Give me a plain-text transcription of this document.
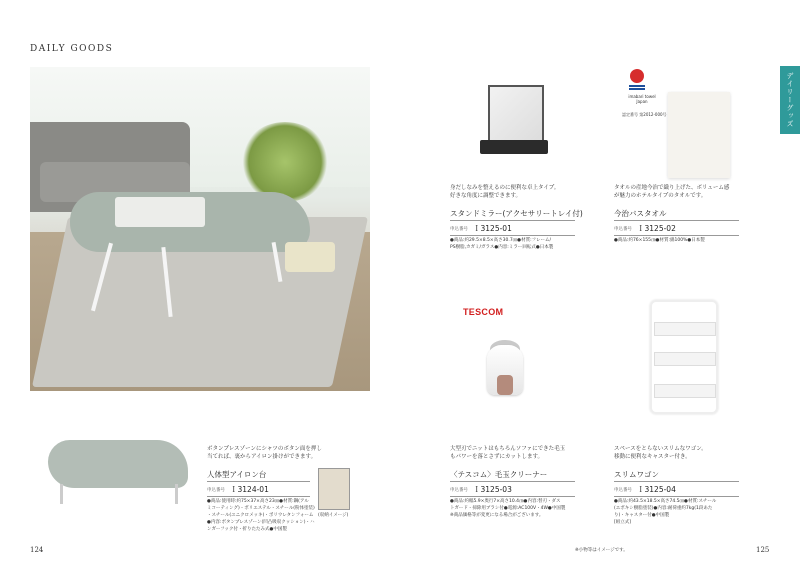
DAILY GOODS
デイリーグッズ
身だしなみを整えるのに便利な卓上タイプ。
好きな角度に調整できます。
スタンドミラー(アクセサリートレイ付)
申込番号 Ｉ3125-01
●商品:約29.5×8.5×高さ30.7㎝●材質:フレーム/
PS樹脂,カガミ/ガラス●内容:ミラー回転式●日本製
imabari towel
Japan
認定番号 第2012-000号
タオルの産地今治で織り上げた、ボリューム感
が魅力のホテルタイプのタオルです。
今治バスタオル
申込番号 Ｉ3125-02
●商品:約76×155㎝●材質:綿100%●日本製
TESCOM
大型刃でニットはもちろんソファにできた毛玉
もパワーを落とさずにカットします。
〈テスコム〉毛玉クリーナー
申込番号 Ｉ3125-03
●商品:約幅5.9×奥行7×高さ10.4㎝●内容:替刃・ダス
トガード・掃除用ブラシ付●電源:AC100V・4W●中国製
※商品価格等が変更になる場合がございます。
スペースをとらないスリムなワゴン。
移動に便利なキャスター付き。
スリムワゴン
申込番号 Ｉ3125-04
●商品:約43.5×18.5×高さ74.5㎝●材質:スチール
(エポキシ樹脂塗装)●内容:耐荷重約7kg(1段あた
り)・キャスター付●中国製
[組立式]
ボタンプレスゾーンにシャツのボタン面を押し
当てれば、裏からアイロン掛けができます。
人体型アイロン台
申込番号 Ｉ3124-01
●商品:使用時:約75×37×高さ23㎝●材質:鋼(アル
ミコーティング)・ポリエステル・スチール(粉体塗装)
・スチール(ユニクロメッキ)・ポリウレタンフォーム
●内容:ボタンプレスゾーン(凹凸吸収クッション)・ハ
ンガーフック付・折りたたみ式●中国製
(収納イメージ)
124	※小物等はイメージです。	125
